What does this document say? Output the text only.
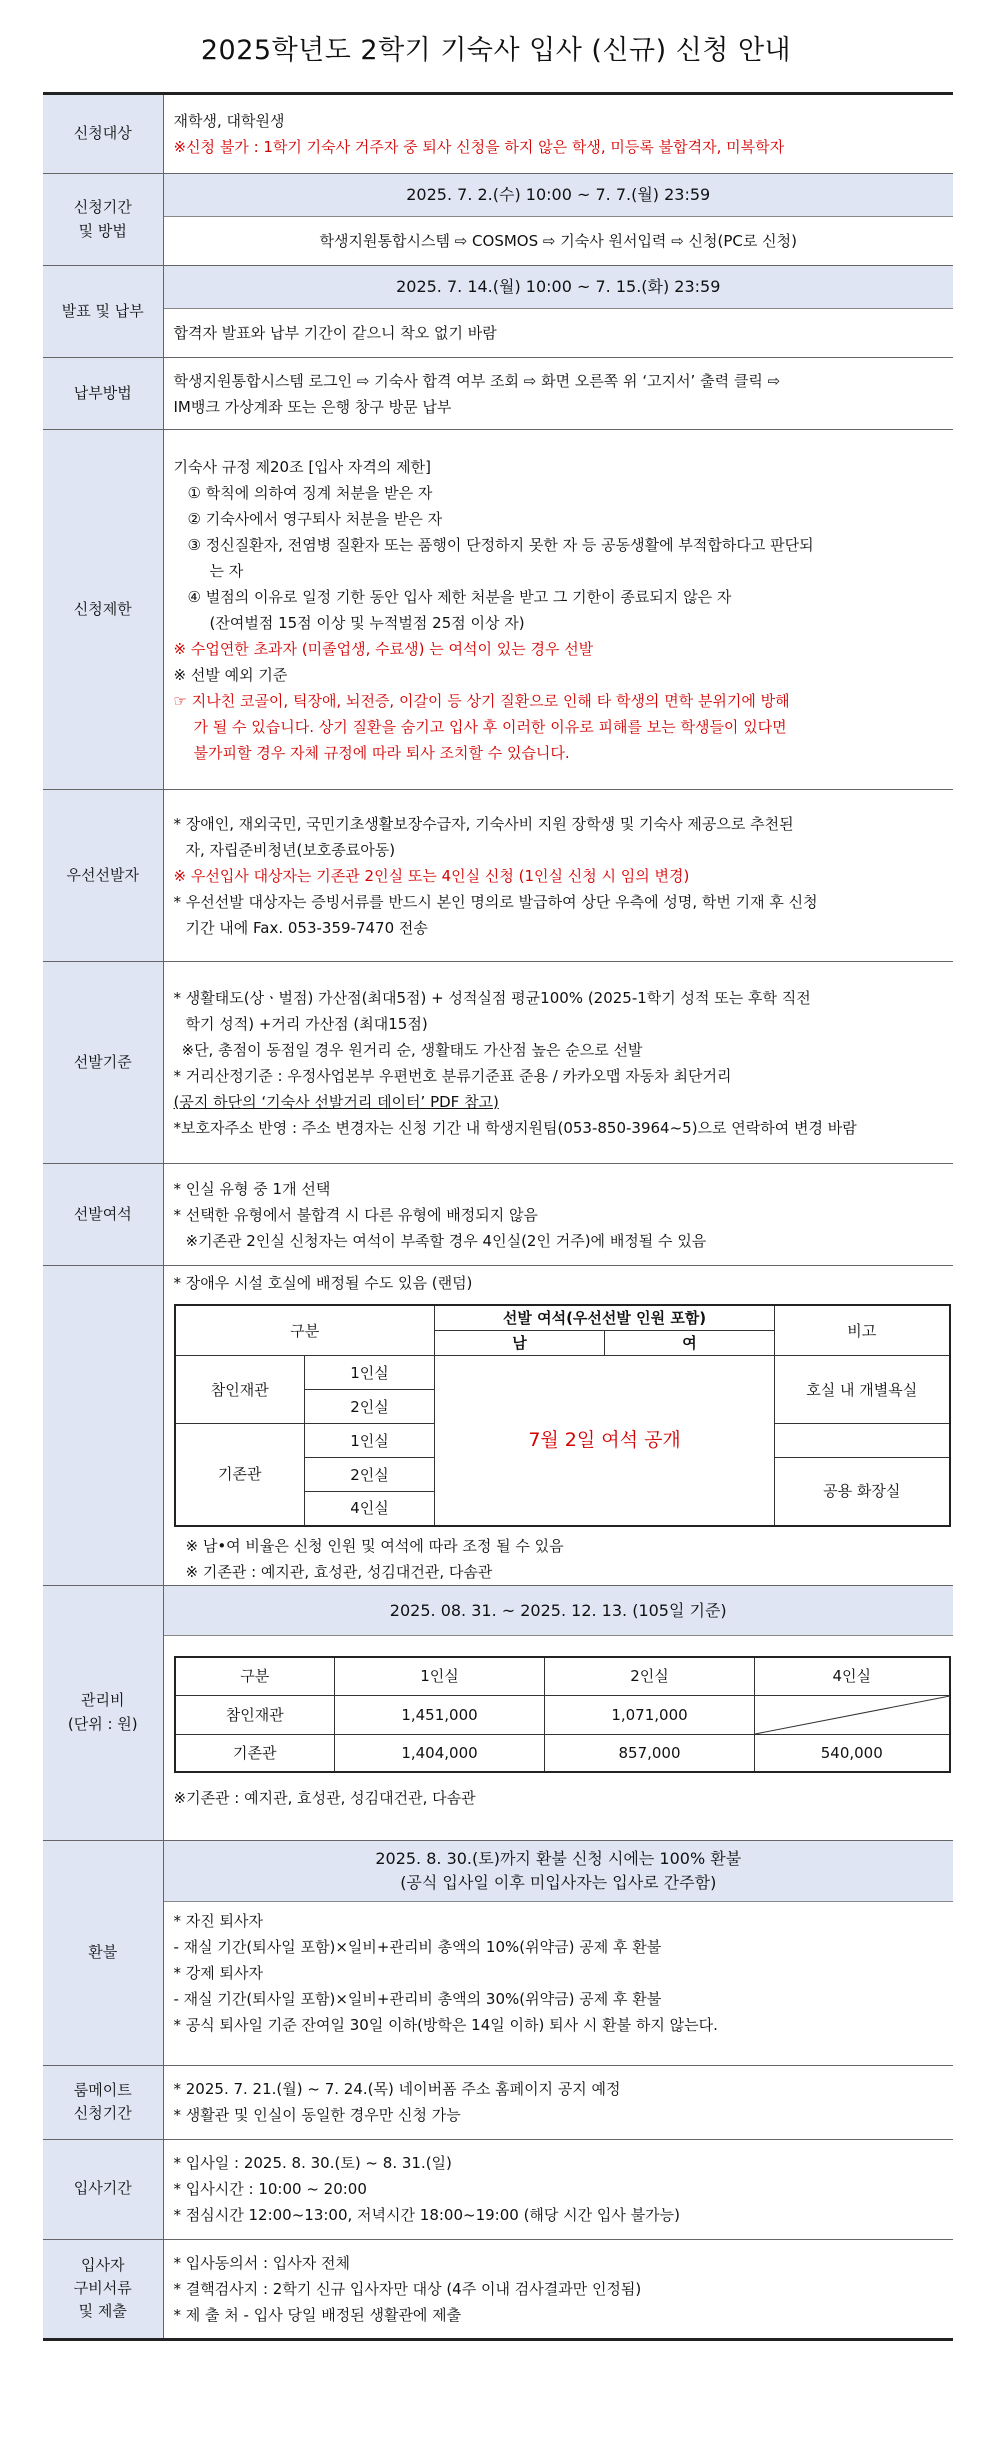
2025학년도 2학기 기숙사 입사 (신규) 신청 안내
신청대상	
재학생, 대학원생
※신청 불가 : 1학기 기숙사 거주자 중 퇴사 신청을 하지 않은 학생, 미등록 불합격자, 미복학자

신청기간
및 방법

2025. 7. 2.(수) 10:00 ~ 7. 7.(월) 23:59
학생지원통합시스템 ⇨ COSMOS ⇨ 기숙사 원서입력 ⇨ 신청(PC로 신청)

발표 및 납부	
2025. 7. 14.(월) 10:00 ~ 7. 15.(화) 23:59
합격자 발표와 납부 기간이 같으니 착오 없기 바람

납부방법	
학생지원통합시스템 로그인 ⇨ 기숙사 합격 여부 조회 ⇨ 화면 오른쪽 위 ‘고지서’ 출력 클릭 ⇨
IM뱅크 가상계좌 또는 은행 창구 방문 납부

신청제한	
기숙사 규정 제20조 [입사 자격의 제한]
① 학칙에 의하여 징계 처분을 받은 자
② 기숙사에서 영구퇴사 처분을 받은 자
③ 정신질환자, 전염병 질환자 또는 품행이 단정하지 못한 자 등 공동생활에 부적합하다고 판단되
는 자
④ 벌점의 이유로 일정 기한 동안 입사 제한 처분을 받고 그 기한이 종료되지 않은 자
(잔여벌점 15점 이상 및 누적벌점 25점 이상 자)
※ 수업연한 초과자 (미졸업생, 수료생) 는 여석이 있는 경우 선발
※ 선발 예외 기준
☞ 지나친 코골이, 틱장애, 뇌전증, 이갈이 등 상기 질환으로 인해 타 학생의 면학 분위기에 방해
가 될 수 있습니다. 상기 질환을 숨기고 입사 후 이러한 이유로 피해를 보는 학생들이 있다면
불가피할 경우 자체 규정에 따라 퇴사 조치할 수 있습니다.

우선선발자	
* 장애인, 재외국민, 국민기초생활보장수급자, 기숙사비 지원 장학생 및 기숙사 제공으로 추천된
자, 자립준비청년(보호종료아동)
※ 우선입사 대상자는 기존관 2인실 또는 4인실 신청 (1인실 신청 시 임의 변경)
* 우선선발 대상자는 증빙서류를 반드시 본인 명의로 발급하여 상단 우측에 성명, 학번 기재 후 신청
기간 내에 Fax. 053-359-7470 전송

선발기준	
* 생활태도(상ㆍ벌점) 가산점(최대5점) + 성적실점 평균100% (2025-1학기 성적 또는 후학 직전
학기 성적) +거리 가산점 (최대15점)
※단, 총점이 동점일 경우 원거리 순, 생활태도 가산점 높은 순으로 선발
* 거리산정기준 : 우정사업본부 우편번호 분류기준표 준용 / 카카오맵 자동차 최단거리
(공지 하단의 ‘기숙사 선발거리 데이터’ PDF 참고)
*보호자주소 반영 : 주소 변경자는 신청 기간 내 학생지원팀(053-850-3964~5)으로 연락하여 변경 바람

선발여석	
* 인실 유형 중 1개 선택
* 선택한 유형에서 불합격 시 다른 유형에 배정되지 않음
※기존관 2인실 신청자는 여석이 부족할 경우 4인실(2인 거주)에 배정될 수 있음

* 장애우 시설 호실에 배정될 수도 있음 (랜덤)
구분	선발 여석(우선선발 인원 포함)	비고
남	여
참인재관	1인실	7월 2일 여석 공개	호실 내 개별욕실
2인실
기존관	1인실	
2인실	공용 화장실
4인실
※ 남•여 비율은 신청 인원 및 여석에 따라 조정 될 수 있음
※ 기존관 : 예지관, 효성관, 성김대건관, 다솜관

관리비
(단위 : 원)

2025. 08. 31. ~ 2025. 12. 13. (105일 기준)
구분	1인실	2인실	4인실
참인재관	1,451,000	1,071,000	

기존관	1,404,000	857,000	540,000
※기존관 : 예지관, 효성관, 성김대건관, 다솜관

환불	
2025. 8. 30.(토)까지 환불 신청 시에는 100% 환불
(공식 입사일 이후 미입사자는 입사로 간주함)
* 자진 퇴사자
- 재실 기간(퇴사일 포함)×일비+관리비 총액의 10%(위약금) 공제 후 환불
* 강제 퇴사자
- 재실 기간(퇴사일 포함)×일비+관리비 총액의 30%(위약금) 공제 후 환불
* 공식 퇴사일 기준 잔여일 30일 이하(방학은 14일 이하) 퇴사 시 환불 하지 않는다.

룸메이트
신청기간

* 2025. 7. 21.(월) ~ 7. 24.(목) 네이버폼 주소 홈페이지 공지 예정
* 생활관 및 인실이 동일한 경우만 신청 가능

입사기간	
* 입사일 : 2025. 8. 30.(토) ~ 8. 31.(일)
* 입사시간 : 10:00 ~ 20:00
* 점심시간 12:00~13:00, 저녁시간 18:00~19:00 (해당 시간 입사 불가능)

입사자
구비서류
및 제출

* 입사동의서 : 입사자 전체
* 결핵검사지 : 2학기 신규 입사자만 대상 (4주 이내 검사결과만 인정됨)
* 제 출 처 - 입사 당일 배정된 생활관에 제출
